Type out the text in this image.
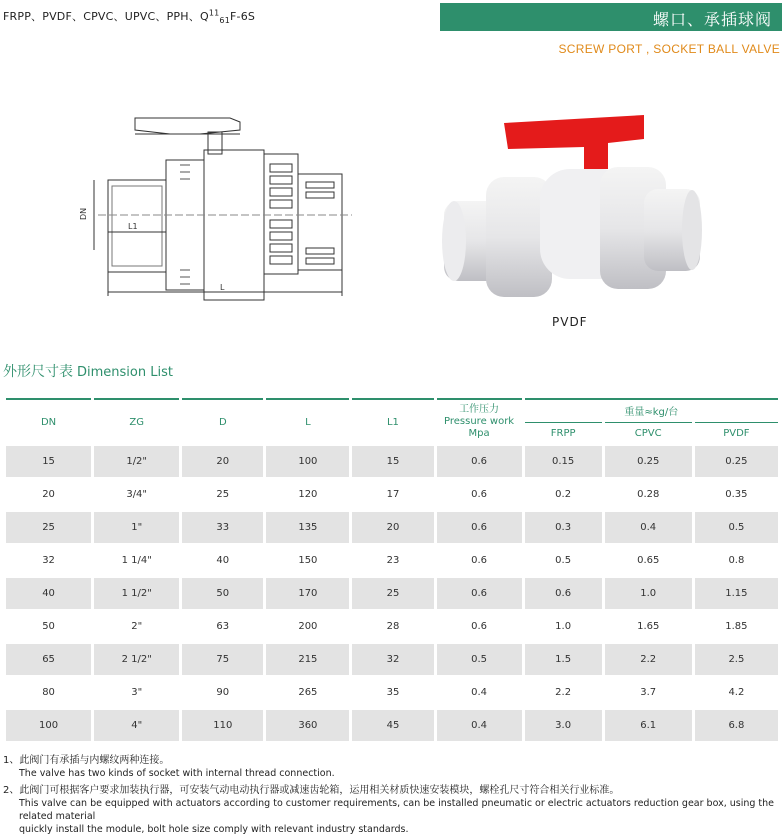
FRPP、PVDF、CPVC、UPVC、PPH、$Q^{11}_{61}F-6S$	螺口、承插球阀
SCREW PORT , SOCKET BALL VALVE
DN
L1
L
PVDF
外形尺寸表 Dimension List
DN	ZG	D	L	L1	工作压力
Pressure work
Mpa	重量≈kg/台		
						FRPP	CPVC	PVDF
15	1/2"	20	100	15	0.6	0.15	0.25	0.25
20	3/4"	25	120	17	0.6	0.2	0.28	0.35
25	1"	33	135	20	0.6	0.3	0.4	0.5
32	1 1/4"	40	150	23	0.6	0.5	0.65	0.8
40	1 1/2"	50	170	25	0.6	0.6	1.0	1.15
50	2"	63	200	28	0.6	1.0	1.65	1.85
65	2 1/2"	75	215	32	0.5	1.5	2.2	2.5
80	3"	90	265	35	0.4	2.2	3.7	4.2
100	4"	110	360	45	0.4	3.0	6.1	6.8
1、此阀门有承插与内螺纹两种连接。
The valve has two kinds of socket with internal thread connection.
2、此阀门可根据客户要求加装执行器，可安装气动电动执行器或减速齿轮箱，运用相关材质快速安装模块，螺栓孔尺寸符合相关行业标准。
This valve can be equipped with actuators according to customer requirements, can be installed pneumatic or electric actuators reduction gear box, using the related material
quickly install the module, bolt hole size comply with relevant industry standards.
